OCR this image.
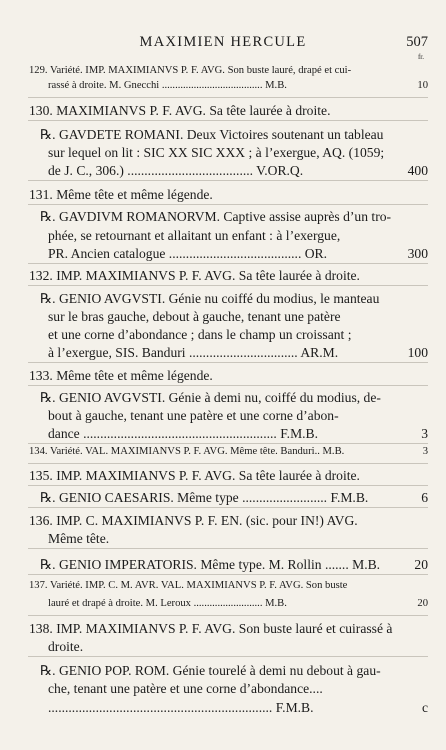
MAXIMIEN HERCULE	507
fr.
129. Variété. IMP. MAXIMIANVS P. F. AVG. Son buste lauré, drapé et cui-
rassé à droite. M. Gnecchi ...................................... M.B.	10
130. MAXIMIANVS P. F. AVG. Sa tête laurée à droite.
℞. GAVDETE ROMANI. Deux Victoires soutenant un tableau
sur lequel on lit : SIC XX SIC XXX ; à l’exergue, AQ. (1059;
de J. C., 306.) ..................................... V.OR.Q.	400
131. Même tête et même légende.
℞. GAVDIVM ROMANORVM. Captive assise auprès d’un tro-
phée, se retournant et allaitant un enfant : à l’exergue,
PR. Ancien catalogue ....................................... OR.	300
132. IMP. MAXIMIANVS P. F. AVG. Sa tête laurée à droite.
℞. GENIO AVGVSTI. Génie nu coiffé du modius, le manteau
sur le bras gauche, debout à gauche, tenant une patère
et une corne d’abondance ; dans le champ un croissant ;
à l’exergue, SIS. Banduri ................................ AR.M.	100
133. Même tête et même légende.
℞. GENIO AVGVSTI. Génie à demi nu, coiffé du modius, de-
bout à gauche, tenant une patère et une corne d’abon-
dance ......................................................... F.M.B.	3
134. Variété. VAL. MAXIMIANVS P. F. AVG. Même tête. Banduri.. M.B.	3
135. IMP. MAXIMIANVS P. F. AVG. Sa tête laurée à droite.
℞. GENIO CAESARIS. Même type ......................... F.M.B.	6
136. IMP. C. MAXIMIANVS P. F. EN. (sic. pour IN!) AVG.
Même tête.
℞. GENIO IMPERATORIS. Même type. M. Rollin ....... M.B.	20
137. Variété. IMP. C. M. AVR. VAL. MAXIMIANVS P. F. AVG. Son buste
lauré et drapé à droite. M. Leroux .......................... M.B.	20
138. IMP. MAXIMIANVS P. F. AVG. Son buste lauré et cuirassé à
droite.
℞. GENIO POP. ROM. Génie tourelé à demi nu debout à gau-
che, tenant une patère et une corne d’abondance....
.................................................................. F.M.B.	c
